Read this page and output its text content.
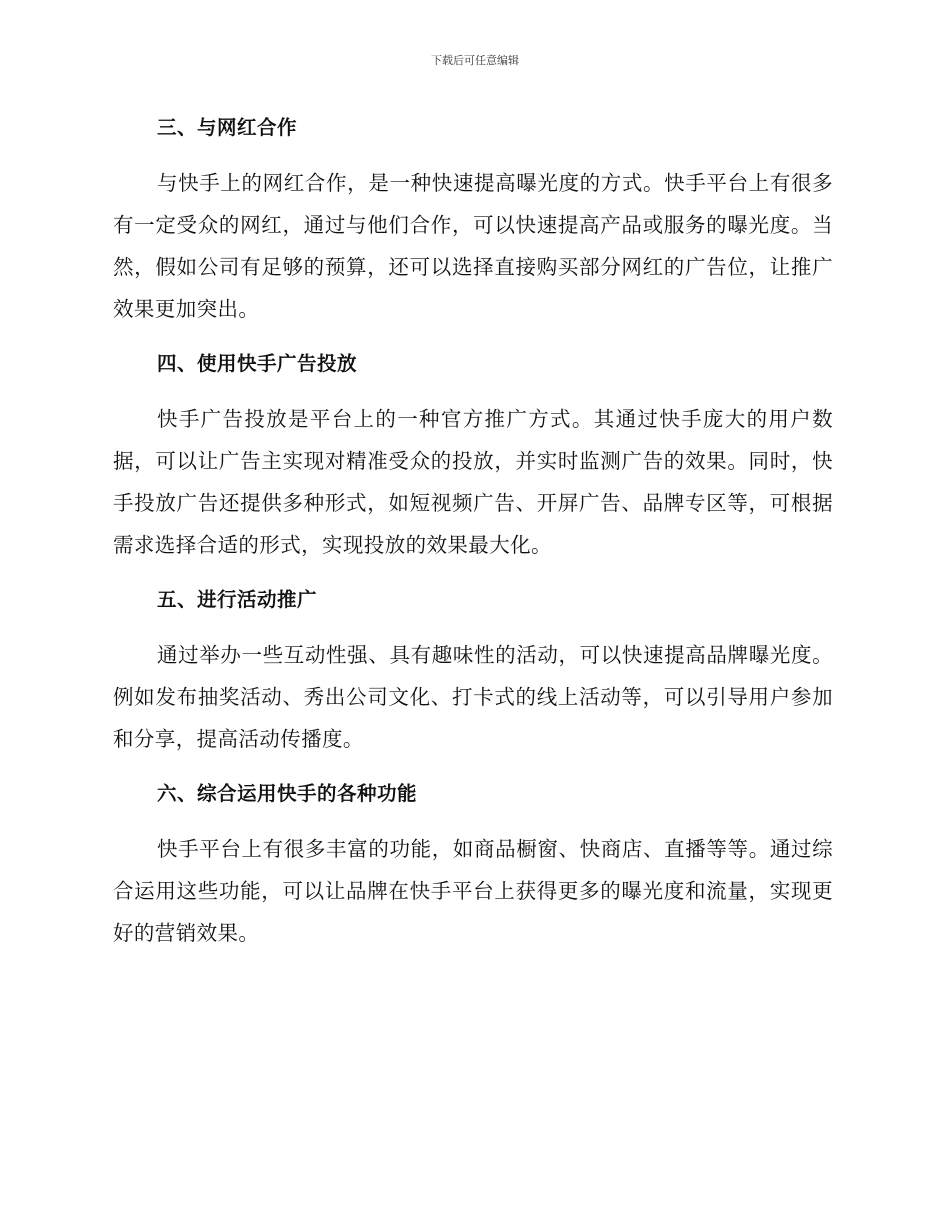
下载后可任意编辑
三、与网红合作

与快手上的网红合作，是一种快速提高曝光度的方式。快手平台上有很多有一定受众的网红，通过与他们合作，可以快速提高产品或服务的曝光度。当然，假如公司有足够的预算，还可以选择直接购买部分网红的广告位，让推广效果更加突出。

四、使用快手广告投放

快手广告投放是平台上的一种官方推广方式。其通过快手庞大的用户数据，可以让广告主实现对精准受众的投放，并实时监测广告的效果。同时，快手投放广告还提供多种形式，如短视频广告、开屏广告、品牌专区等，可根据需求选择合适的形式，实现投放的效果最大化。

五、进行活动推广

通过举办一些互动性强、具有趣味性的活动，可以快速提高品牌曝光度。例如发布抽奖活动、秀出公司文化、打卡式的线上活动等，可以引导用户参加和分享，提高活动传播度。

六、综合运用快手的各种功能

快手平台上有很多丰富的功能，如商品橱窗、快商店、直播等等。通过综合运用这些功能，可以让品牌在快手平台上获得更多的曝光度和流量，实现更好的营销效果。
